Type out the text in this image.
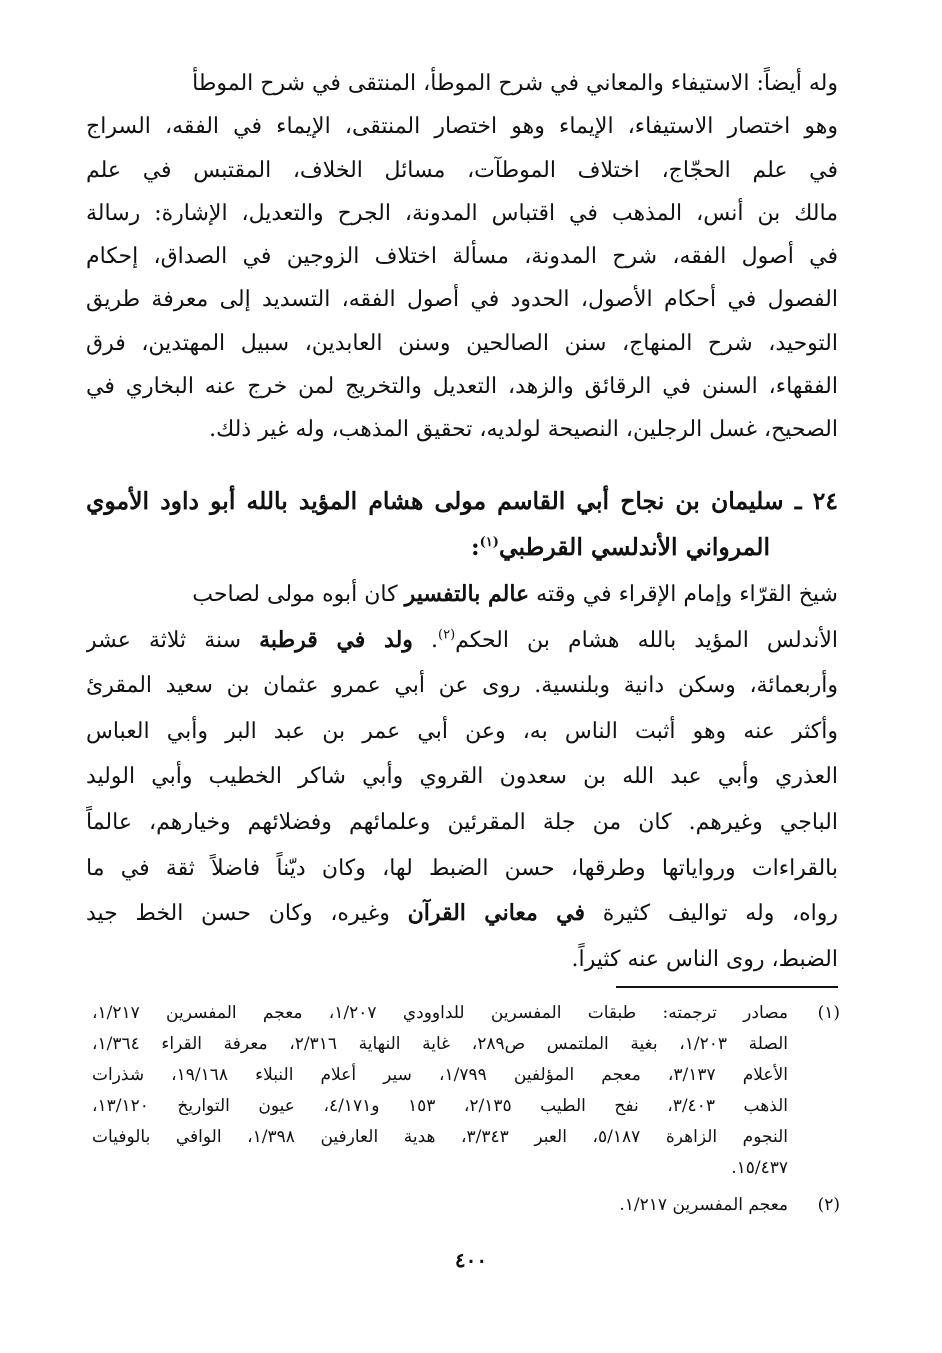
وله أيضاً: الاستيفاء والمعاني في شرح الموطأ، المنتقى في شرح الموطأ
وهو اختصار الاستيفاء، الإيماء وهو اختصار المنتقى، الإيماء في الفقه، السراج
في علم الحجّاج، اختلاف الموطآت، مسائل الخلاف، المقتبس في علم
مالك بن أنس، المذهب في اقتباس المدونة، الجرح والتعديل، الإشارة: رسالة
في أصول الفقه، شرح المدونة، مسألة اختلاف الزوجين في الصداق، إحكام
الفصول في أحكام الأصول، الحدود في أصول الفقه، التسديد إلى معرفة طريق
التوحيد، شرح المنهاج، سنن الصالحين وسنن العابدين، سبيل المهتدين، فرق
الفقهاء، السنن في الرقائق والزهد، التعديل والتخريج لمن خرج عنه البخاري في
الصحيح، غسل الرجلين، النصيحة لولديه، تحقيق المذهب، وله غير ذلك.
٢٤ ـ سليمان بن نجاح أبي القاسم مولى هشام المؤيد بالله أبو داود الأموي
المرواني الأندلسي القرطبي$^{(١)}$:
شيخ القرّاء وإمام الإقراء في وقته عالم بالتفسير كان أبوه مولى لصاحب
الأندلس المؤيد بالله هشام بن الحكم$^{(٢)}$. ولد في قرطبة سنة ثلاثة عشر
وأربعمائة، وسكن دانية وبلنسية. روى عن أبي عمرو عثمان بن سعيد المقرئ
وأكثر عنه وهو أثبت الناس به، وعن أبي عمر بن عبد البر وأبي العباس
العذري وأبي عبد الله بن سعدون القروي وأبي شاكر الخطيب وأبي الوليد
الباجي وغيرهم. كان من جلة المقرئين وعلمائهم وفضلائهم وخيارهم، عالماً
بالقراءات ورواياتها وطرقها، حسن الضبط لها، وكان ديّناً فاضلاً ثقة في ما
رواه، وله تواليف كثيرة في معاني القرآن وغيره، وكان حسن الخط جيد
الضبط، روى الناس عنه كثيراً.
(١)
مصادر ترجمته: طبقات المفسرين للداوودي ١/٢٠٧، معجم المفسرين ١/٢١٧،
الصلة ١/٢٠٣، بغية الملتمس ص٢٨٩، غاية النهاية ٢/٣١٦، معرفة القراء ١/٣٦٤،
الأعلام ٣/١٣٧، معجم المؤلفين ١/٧٩٩، سير أعلام النبلاء ١٩/١٦٨، شذرات
الذهب ٣/٤٠٣، نفح الطيب ٢/١٣٥، ١٥٣ و٤/١٧١، عيون التواريخ ١٣/١٢٠،
النجوم الزاهرة ٥/١٨٧، العبر ٣/٣٤٣، هدية العارفين ١/٣٩٨، الوافي بالوفيات
١٥/٤٣٧.
(٢)
معجم المفسرين ١/٢١٧.
٤٠٠
